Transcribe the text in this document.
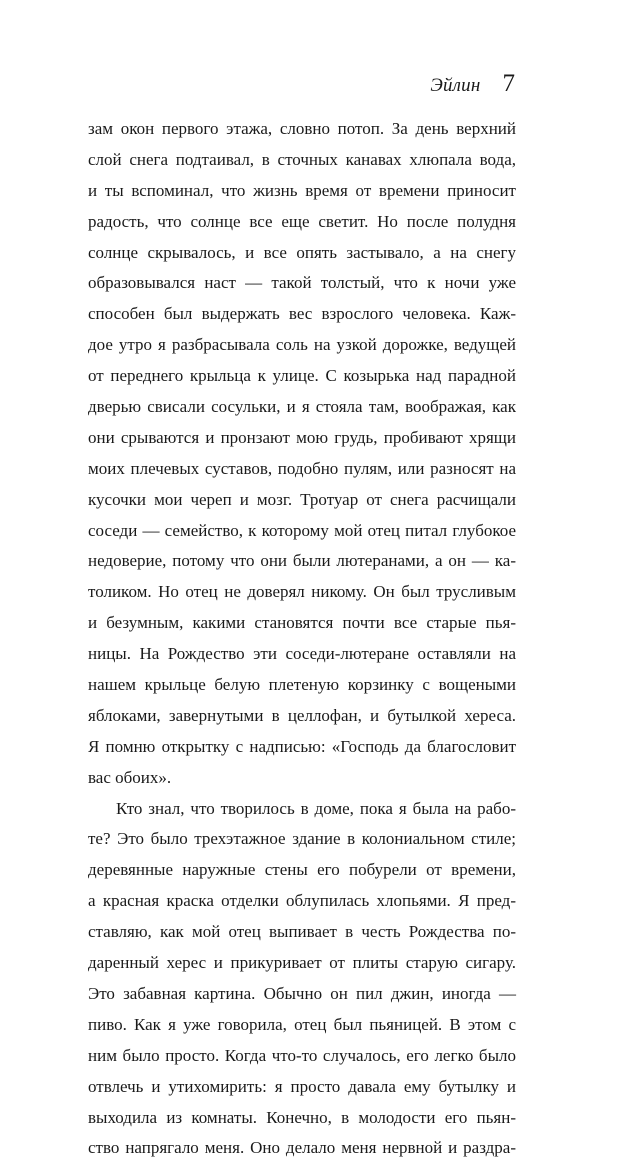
Эйлин 7
зам окон первого этажа, словно потоп. За день верхний
слой снега подтаивал, в сточных канавах хлюпала вода,
и ты вспоминал, что жизнь время от времени приносит
радость, что солнце все еще светит. Но после полудня
солнце скрывалось, и все опять застывало, а на снегу
образовывался наст — такой толстый, что к ночи уже
способен был выдержать вес взрослого человека. Каж-
дое утро я разбрасывала соль на узкой дорожке, ведущей
от переднего крыльца к улице. С козырька над парадной
дверью свисали сосульки, и я стояла там, воображая, как
они срываются и пронзают мою грудь, пробивают хрящи
моих плечевых суставов, подобно пулям, или разносят на
кусочки мои череп и мозг. Тротуар от снега расчищали
соседи — семейство, к которому мой отец питал глубокое
недоверие, потому что они были лютеранами, а он — ка-
толиком. Но отец не доверял никому. Он был трусливым
и безумным, какими становятся почти все старые пья-
ницы. На Рождество эти соседи-лютеране оставляли на
нашем крыльце белую плетеную корзинку с вощеными
яблоками, завернутыми в целлофан, и бутылкой хереса.
Я помню открытку с надписью: «Господь да благословит
вас обоих».
Кто знал, что творилось в доме, пока я была на рабо-
те? Это было трехэтажное здание в колониальном стиле;
деревянные наружные стены его побурели от времени,
а красная краска отделки облупилась хлопьями. Я пред-
ставляю, как мой отец выпивает в честь Рождества по-
даренный херес и прикуривает от плиты старую сигару.
Это забавная картина. Обычно он пил джин, иногда —
пиво. Как я уже говорила, отец был пьяницей. В этом с
ним было просто. Когда что-то случалось, его легко было
отвлечь и утихомирить: я просто давала ему бутылку и
выходила из комнаты. Конечно, в молодости его пьян-
ство напрягало меня. Оно делало меня нервной и раздра-
